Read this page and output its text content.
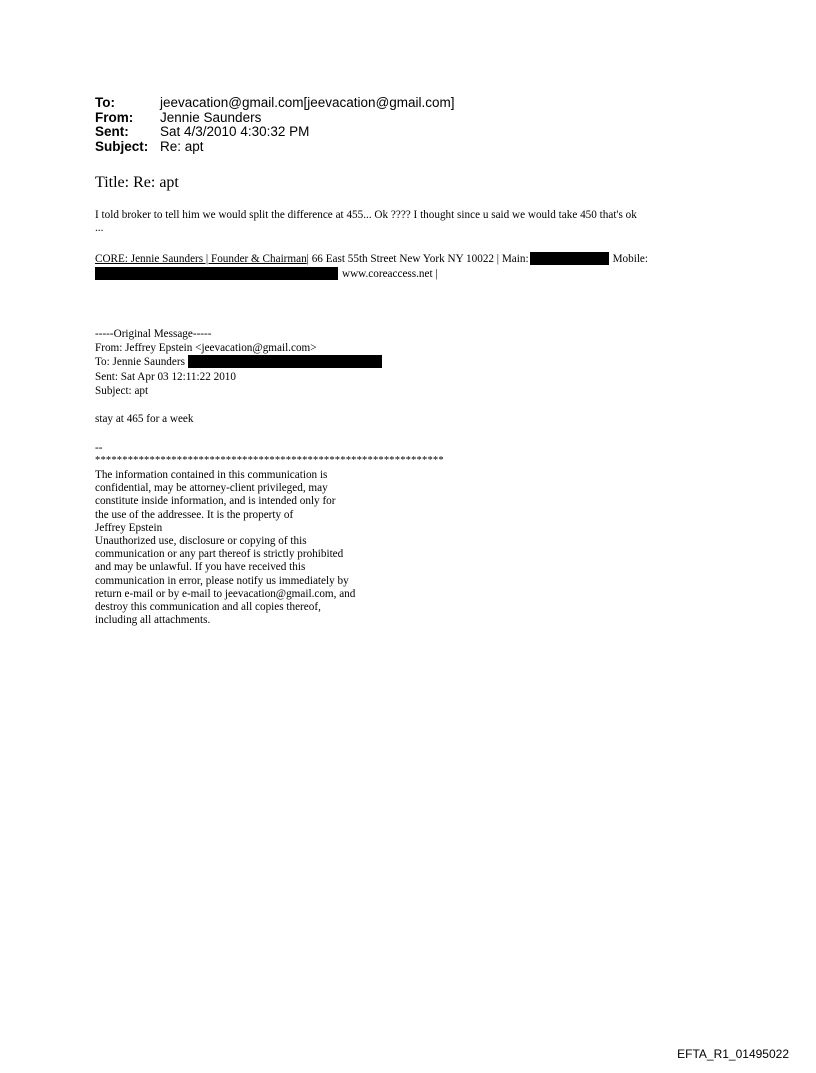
To:	jeevacation@gmail.com[jeevacation@gmail.com]
From:	Jennie Saunders
Sent:	Sat 4/3/2010 4:30:32 PM
Subject: Re: apt
Title: Re: apt
I told broker to tell him we would split the difference at 455... Ok ???? I thought since u said we would take 450 that's ok
...
CORE: Jennie Saunders | Founder & Chairman | 66 East 55th Street New York NY 10022 | Main:	Mobile:
www.coreaccess.net |
-----Original Message-----
From: Jeffrey Epstein <jeevacation@gmail.com>
To: Jennie Saunders
Sent: Sat Apr 03 12:11:22 2010
Subject: apt
stay at 465 for a week
--
****************************************************************
The information contained in this communication is
confidential, may be attorney-client privileged, may
constitute inside information, and is intended only for
the use of the addressee. It is the property of
Jeffrey Epstein
Unauthorized use, disclosure or copying of this
communication or any part thereof is strictly prohibited
and may be unlawful. If you have received this
communication in error, please notify us immediately by
return e-mail or by e-mail to jeevacation@gmail.com, and
destroy this communication and all copies thereof,
including all attachments.
EFTA_R1_01495022
